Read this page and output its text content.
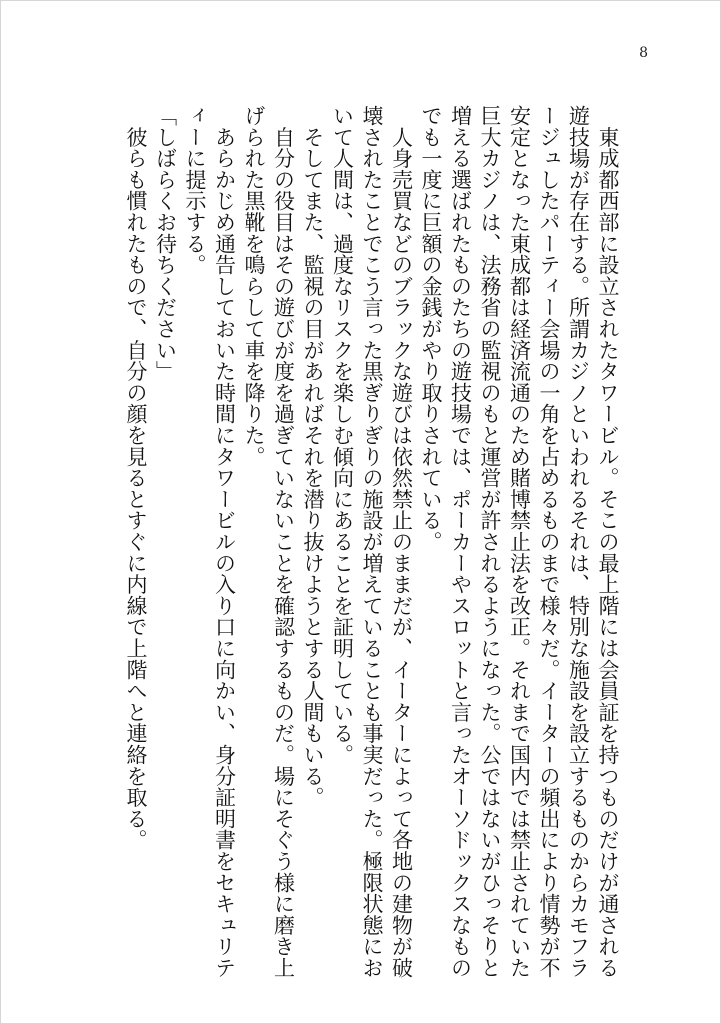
8

　東成都西部に設立されたタワービル。そこの最上階には会員証を持つものだけが通される遊技場が存在する。所謂カジノといわれるそれは、特別な施設を設立するものからカモフラージュしたパーティー会場の一角を占めるものまで様々だ。イーターの頻出により情勢が不安定となった東成都は経済流通のため賭博禁止法を改正。それまで国内では禁止されていた巨大カジノは、法務省の監視のもと運営が許されるようになった。公ではないがひっそりと増える選ばれたものたちの遊技場では、ポーカーやスロットと言ったオーソドックスなものでも一度に巨額の金銭がやり取りされている。

　人身売買などのブラックな遊びは依然禁止のままだが、イーターによって各地の建物が破壊されたことでこう言った黒ぎりぎりの施設が増えていることも事実だった。極限状態において人間は、過度なリスクを楽しむ傾向にあることを証明している。

　そしてまた、監視の目があればそれを潜り抜けようとする人間もいる。

　自分の役目はその遊びが度を過ぎていないことを確認するものだ。場にそぐう様に磨き上げられた黒靴を鳴らして車を降りた。

　あらかじめ通告しておいた時間にタワービルの入り口に向かい、身分証明書をセキュリティーに提示する。

「しばらくお待ちください」

　彼らも慣れたもので、自分の顔を見るとすぐに内線で上階へと連絡を取る。
